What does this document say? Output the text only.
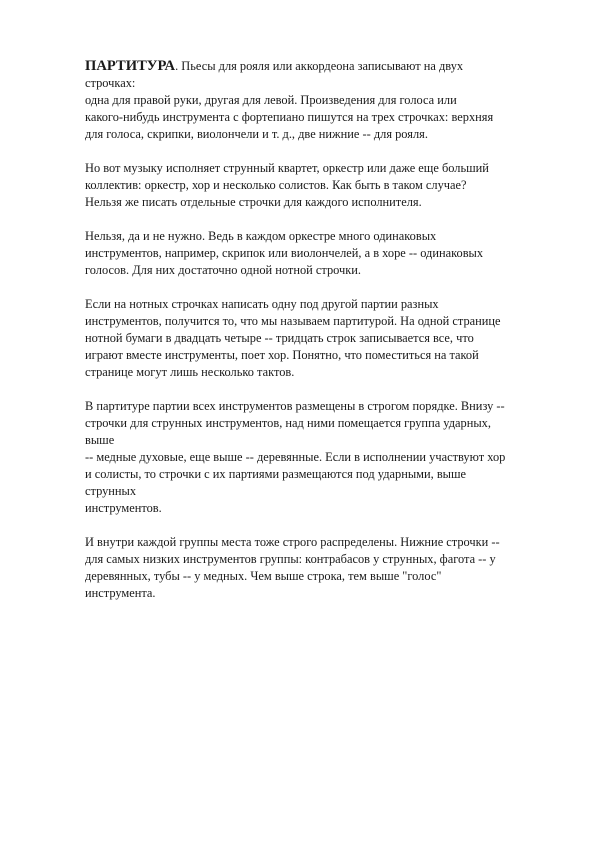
ПАРТИТУРА. Пьесы для рояля или аккордеона записывают на двух
строчках:
одна для правой руки, другая для левой. Произведения для голоса или
какого-нибудь инструмента с фортепиано пишутся на трех строчках: верхняя
для голоса, скрипки, виолончели и т. д., две нижние -- для рояля.
Но вот музыку исполняет струнный квартет, оркестр или даже еще больший
коллектив: оркестр, хор и несколько солистов. Как быть в таком случае?
Нельзя же писать отдельные строчки для каждого исполнителя.
Нельзя, да и не нужно. Ведь в каждом оркестре много одинаковых
инструментов, например, скрипок или виолончелей, а в хоре -- одинаковых
голосов. Для них достаточно одной нотной строчки.
Если на нотных строчках написать одну под другой партии разных
инструментов, получится то, что мы называем партитурой. На одной странице
нотной бумаги в двадцать четыре -- тридцать строк записывается все, что
играют вместе инструменты, поет хор. Понятно, что поместиться на такой
странице могут лишь несколько тактов.
В партитуре партии всех инструментов размещены в строгом порядке. Внизу --
строчки для струнных инструментов, над ними помещается группа ударных,
выше
-- медные духовые, еще выше -- деревянные. Если в исполнении участвуют хор
и солисты, то строчки с их партиями размещаются под ударными, выше
струнных
инструментов.
И внутри каждой группы места тоже строго распределены. Нижние строчки --
для самых низких инструментов группы: контрабасов у струнных, фагота -- у
деревянных, тубы -- у медных. Чем выше строка, тем выше "голос"
инструмента.
